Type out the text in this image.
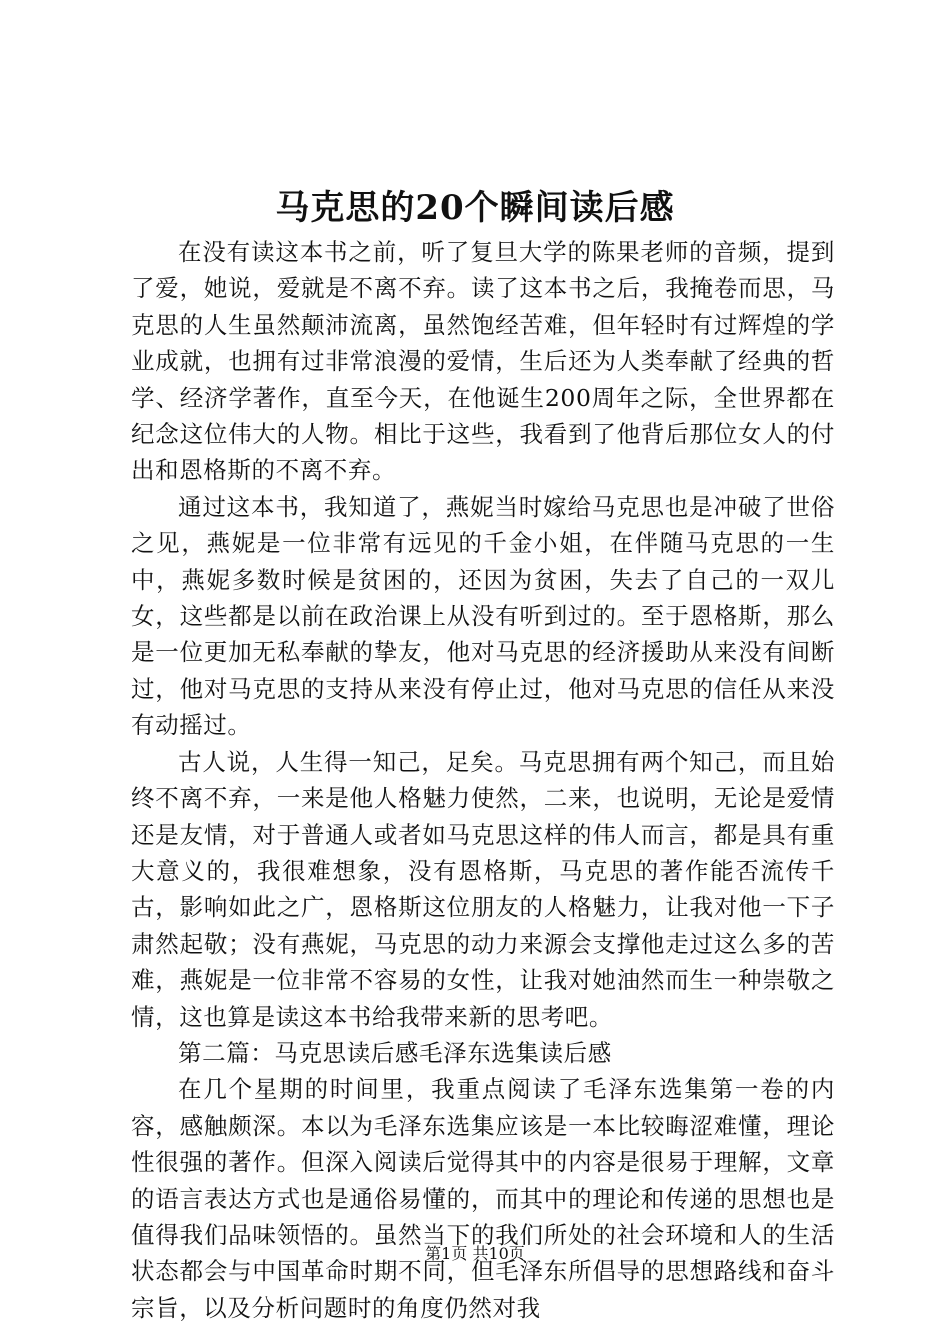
马克思的20个瞬间读后感

在没有读这本书之前，听了复旦大学的陈果老师的音频，提到了爱，她说，爱就是不离不弃。读了这本书之后，我掩卷而思，马克思的人生虽然颠沛流离，虽然饱经苦难，但年轻时有过辉煌的学业成就，也拥有过非常浪漫的爱情，生后还为人类奉献了经典的哲学、经济学著作，直至今天，在他诞生200周年之际，全世界都在纪念这位伟大的人物。相比于这些，我看到了他背后那位女人的付出和恩格斯的不离不弃。

通过这本书，我知道了，燕妮当时嫁给马克思也是冲破了世俗之见，燕妮是一位非常有远见的千金小姐，在伴随马克思的一生中，燕妮多数时候是贫困的，还因为贫困，失去了自己的一双儿女，这些都是以前在政治课上从没有听到过的。至于恩格斯，那么是一位更加无私奉献的挚友，他对马克思的经济援助从来没有间断过，他对马克思的支持从来没有停止过，他对马克思的信任从来没有动摇过。

古人说，人生得一知己，足矣。马克思拥有两个知己，而且始终不离不弃，一来是他人格魅力使然，二来，也说明，无论是爱情还是友情，对于普通人或者如马克思这样的伟人而言，都是具有重大意义的，我很难想象，没有恩格斯，马克思的著作能否流传千古，影响如此之广，恩格斯这位朋友的人格魅力，让我对他一下子肃然起敬；没有燕妮，马克思的动力来源会支撑他走过这么多的苦难，燕妮是一位非常不容易的女性，让我对她油然而生一种崇敬之情，这也算是读这本书给我带来新的思考吧。

第二篇：马克思读后感毛泽东选集读后感

在几个星期的时间里，我重点阅读了毛泽东选集第一卷的内容，感触颇深。本以为毛泽东选集应该是一本比较晦涩难懂，理论性很强的著作。但深入阅读后觉得其中的内容是很易于理解，文章的语言表达方式也是通俗易懂的，而其中的理论和传递的思想也是值得我们品味领悟的。虽然当下的我们所处的社会环境和人的生活状态都会与中国革命时期不同，但毛泽东所倡导的思想路线和奋斗宗旨，以及分析问题时的角度仍然对我

第1页 共10页
